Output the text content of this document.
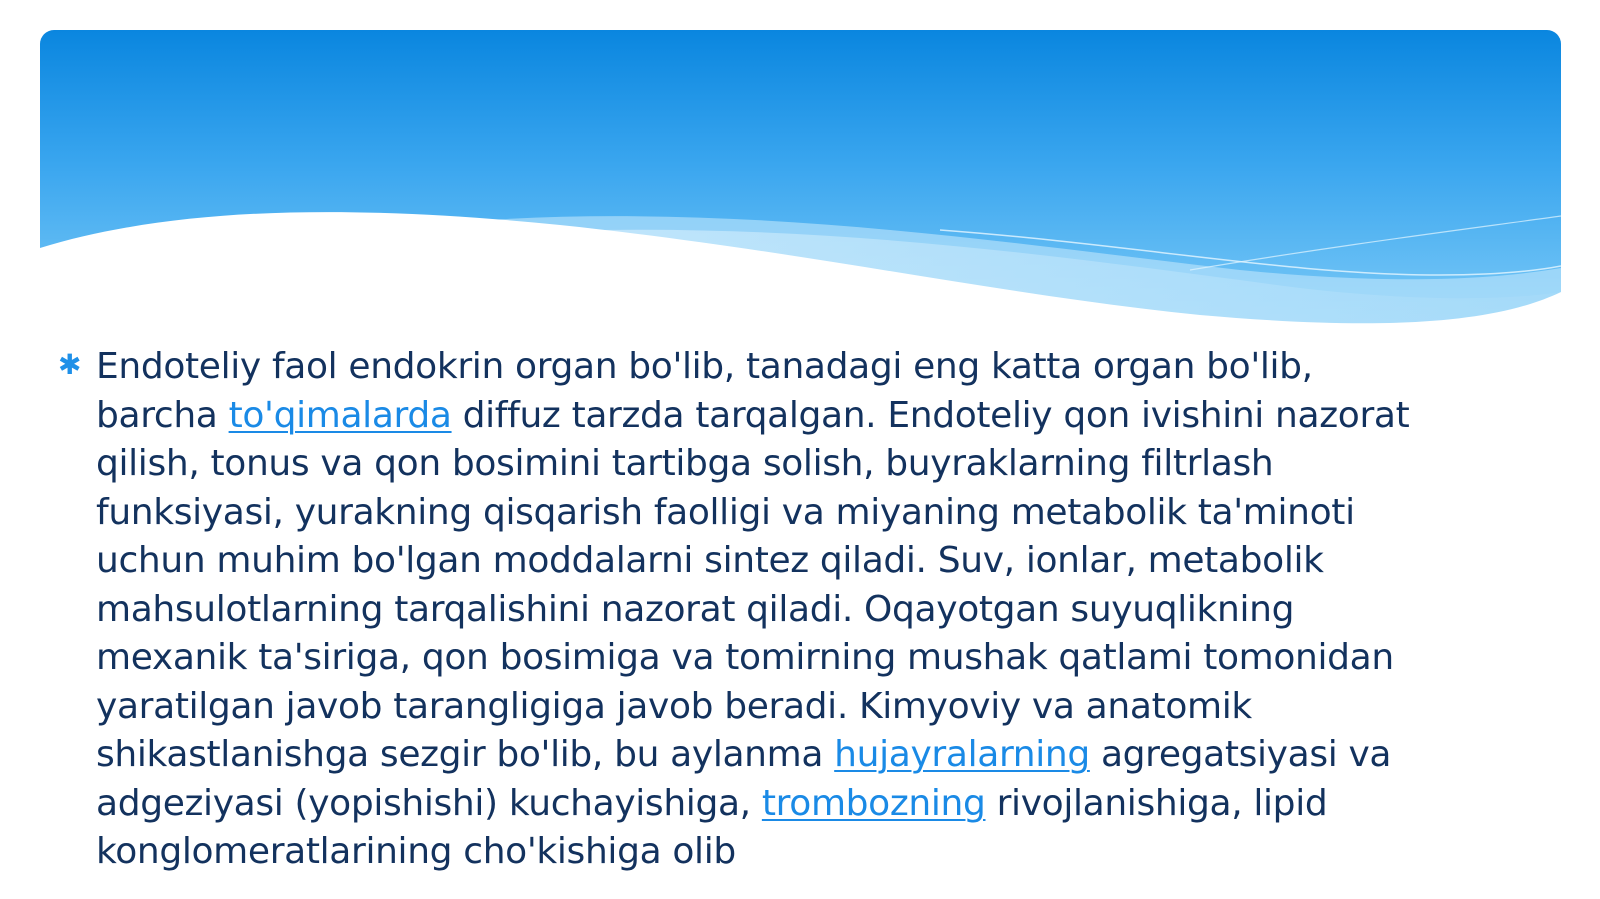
✱ Endoteliy faol endokrin organ bo'lib, tanadagi eng katta organ bo'lib, barcha to'qimalarda diffuz tarzda tarqalgan. Endoteliy qon ivishini nazorat qilish, tonus va qon bosimini tartibga solish, buyraklarning filtrlash funksiyasi, yurakning qisqarish faolligi va miyaning metabolik ta'minoti uchun muhim bo'lgan moddalarni sintez qiladi. Suv, ionlar, metabolik mahsulotlarning tarqalishini nazorat qiladi. Oqayotgan suyuqlikning mexanik ta'siriga, qon bosimiga va tomirning mushak qatlami tomonidan yaratilgan javob tarangligiga javob beradi. Kimyoviy va anatomik shikastlanishga sezgir bo'lib, bu aylanma hujayralarning agregatsiyasi va adgeziyasi (yopishishi) kuchayishiga, trombozning rivojlanishiga, lipid konglomeratlarining cho'kishiga olib
